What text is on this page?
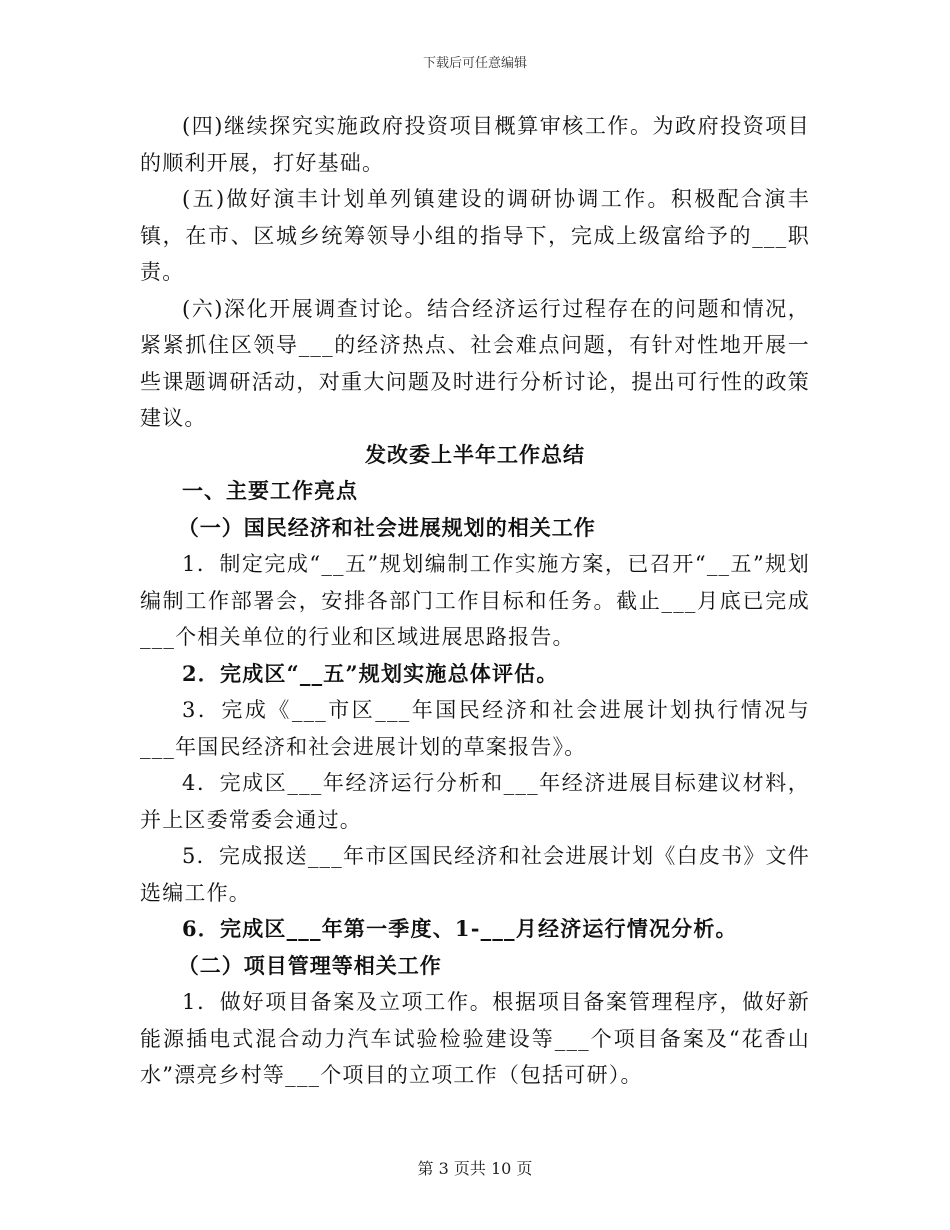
下载后可任意编辑

(四)继续探究实施政府投资项目概算审核工作。为政府投资项目的顺利开展，打好基础。

(五)做好演丰计划单列镇建设的调研协调工作。积极配合演丰镇，在市、区城乡统筹领导小组的指导下，完成上级富给予的___职责。

(六)深化开展调查讨论。结合经济运行过程存在的问题和情况，紧紧抓住区领导___的经济热点、社会难点问题，有针对性地开展一些课题调研活动，对重大问题及时进行分析讨论，提出可行性的政策建议。

发改委上半年工作总结

一、主要工作亮点

（一）国民经济和社会进展规划的相关工作

1．制定完成“__五”规划编制工作实施方案，已召开“__五”规划编制工作部署会，安排各部门工作目标和任务。截止___月底已完成___个相关单位的行业和区域进展思路报告。

2．完成区“__五”规划实施总体评估。

3．完成《___市区___年国民经济和社会进展计划执行情况与___年国民经济和社会进展计划的草案报告》。

4．完成区___年经济运行分析和___年经济进展目标建议材料，并上区委常委会通过。

5．完成报送___年市区国民经济和社会进展计划《白皮书》文件选编工作。

6．完成区___年第一季度、1-___月经济运行情况分析。

（二）项目管理等相关工作

1．做好项目备案及立项工作。根据项目备案管理程序，做好新能源插电式混合动力汽车试验检验建设等___个项目备案及“花香山水”漂亮乡村等___个项目的立项工作（包括可研）。

第 3 页共 10 页
